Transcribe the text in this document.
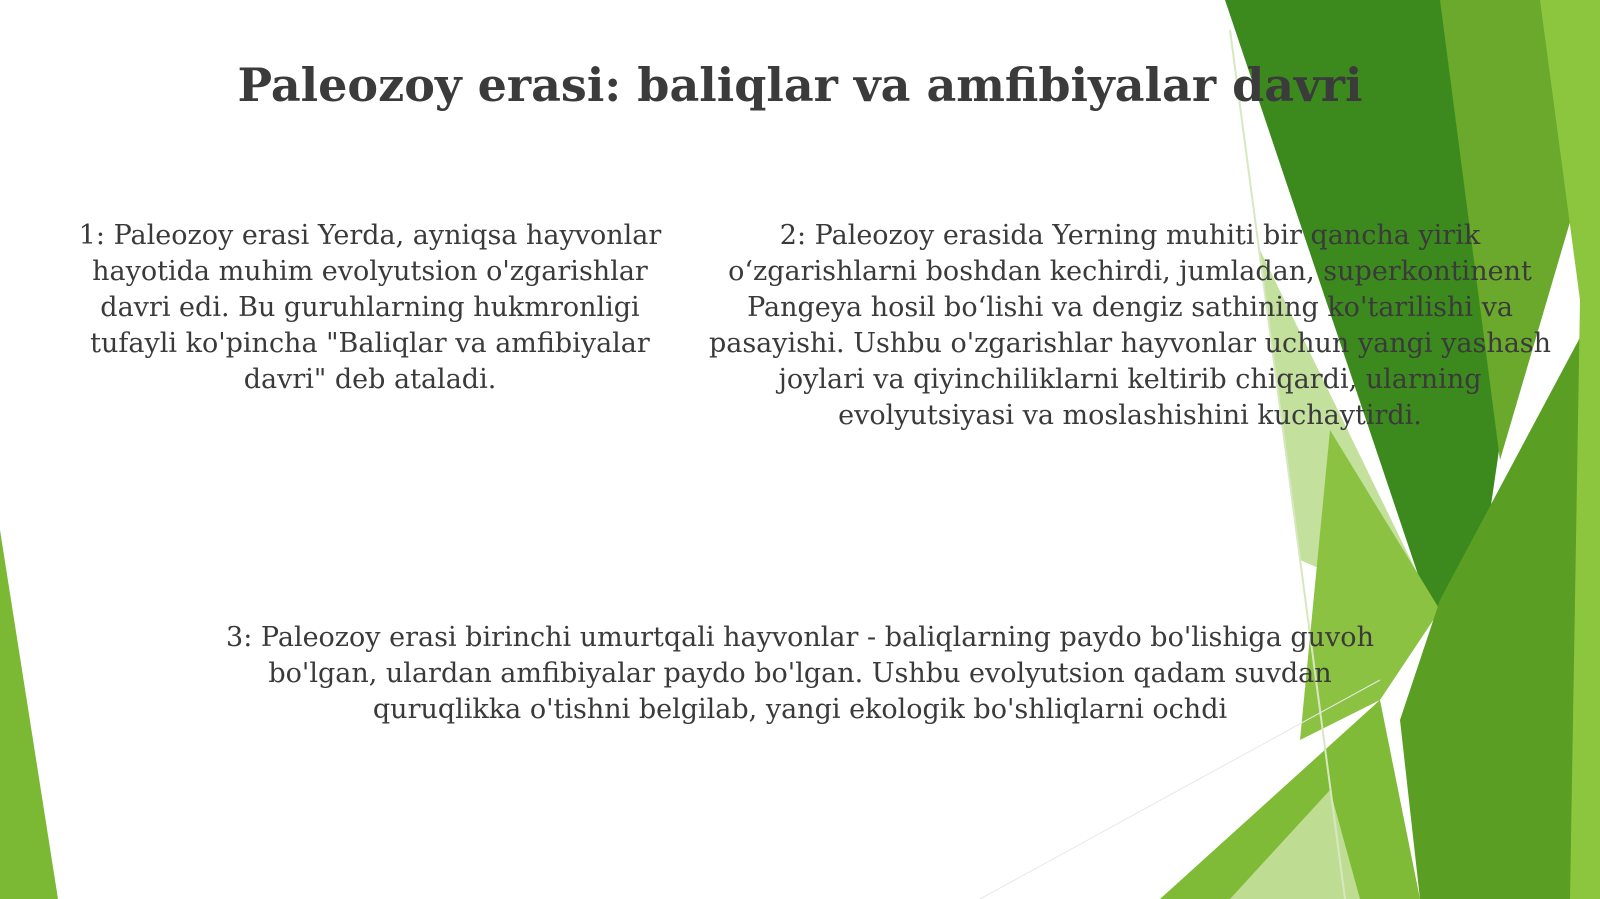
Paleozoy erasi: baliqlar va amfibiyalar davri
1: Paleozoy erasi Yerda, ayniqsa hayvonlar hayotida muhim evolyutsion o'zgarishlar davri edi. Bu guruhlarning hukmronligi tufayli ko'pincha "Baliqlar va amfibiyalar davri" deb ataladi.
2: Paleozoy erasida Yerning muhiti bir qancha yirik oʻzgarishlarni boshdan kechirdi, jumladan, superkontinent Pangeya hosil boʻlishi va dengiz sathining ko'tarilishi va pasayishi. Ushbu o'zgarishlar hayvonlar uchun yangi yashash joylari va qiyinchiliklarni keltirib chiqardi, ularning evolyutsiyasi va moslashishini kuchaytirdi.
3: Paleozoy erasi birinchi umurtqali hayvonlar - baliqlarning paydo bo'lishiga guvoh bo'lgan, ulardan amfibiyalar paydo bo'lgan. Ushbu evolyutsion qadam suvdan quruqlikka o'tishni belgilab, yangi ekologik bo'shliqlarni ochdi
